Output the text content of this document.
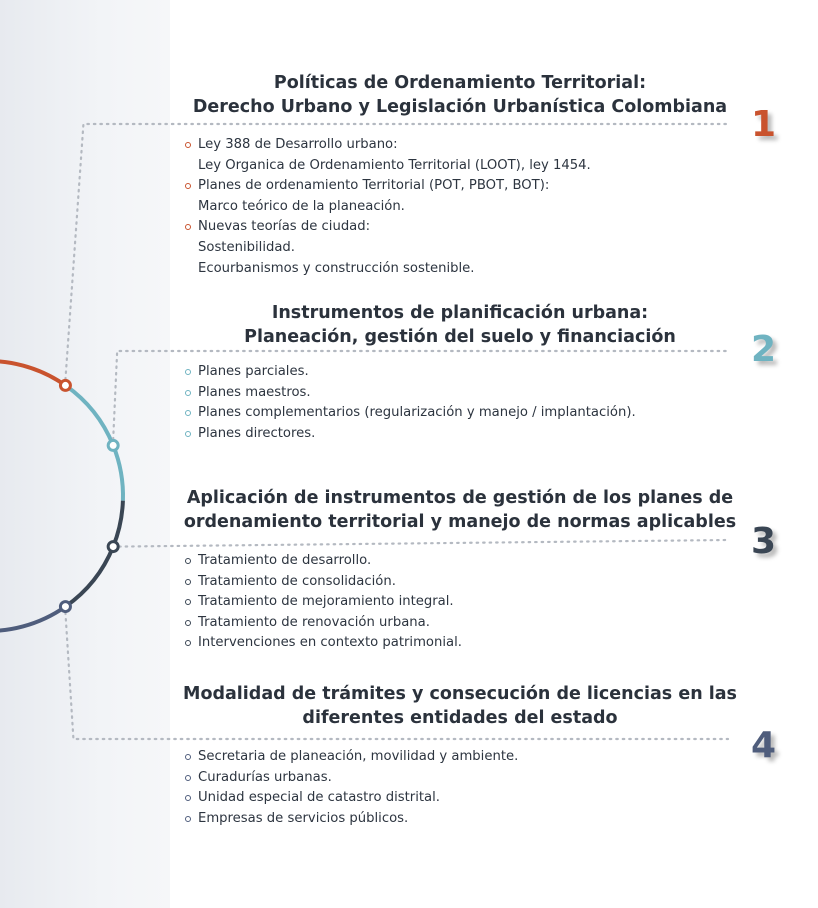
Políticas de Ordenamiento Territorial:
Derecho Urbano y Legislación Urbanística Colombiana
Ley 388 de Desarrollo urbano:
Ley Organica de Ordenamiento Territorial (LOOT), ley 1454.
Planes de ordenamiento Territorial (POT, PBOT, BOT):
Marco teórico de la planeación.
Nuevas teorías de ciudad:
Sostenibilidad.
Ecourbanismos y construcción sostenible.
Instrumentos de planificación urbana:
Planeación, gestión del suelo y financiación
Planes parciales.
Planes maestros.
Planes complementarios (regularización y manejo / implantación).
Planes directores.
Aplicación de instrumentos de gestión de los planes de
ordenamiento territorial y manejo de normas aplicables
Tratamiento de desarrollo.
Tratamiento de consolidación.
Tratamiento de mejoramiento integral.
Tratamiento de renovación urbana.
Intervenciones en contexto patrimonial.
Modalidad de trámites y consecución de licencias en las
diferentes entidades del estado
Secretaria de planeación, movilidad y ambiente.
Curadurías urbanas.
Unidad especial de catastro distrital.
Empresas de servicios públicos.
1
2
3
4
